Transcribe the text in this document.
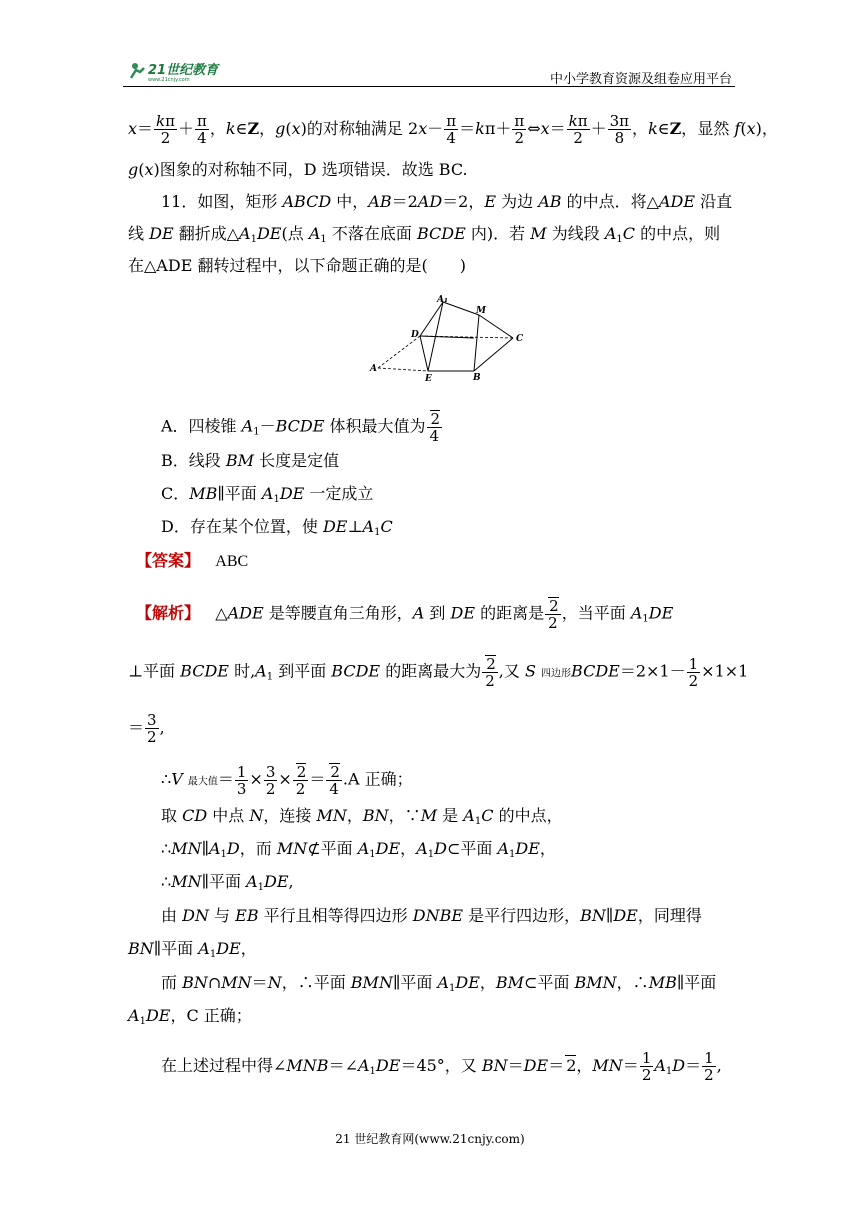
21世纪教育
www.21cnjy.com	中小学教育资源及组卷应用平台
$x= \frac{k\pi}{2} + \frac{\pi}{4}$ ，k∈Z，g(x)的对称轴满足 $2x- \frac{\pi}{4} =k\pi+ \frac{\pi}{2}$ ⇔x＝ $\frac{k\pi}{2} + \frac{3\pi}{8}$ ，k∈Z，显然 f(x)，
g(x)图象的对称轴不同，D 选项错误．故选 BC.
11．如图，矩形 ABCD 中，AB＝2AD＝2，E 为边 AB 的中点．将△ADE 沿直
线 DE 翻折成$\triangle A_1DE$(点 $A_1$ 不落在底面 BCDE 内)．若 M 为线段 $A_1C$ 的中点，则
在△ADE 翻转过程中，以下命题正确的是(　　)
A₁
M
D	C
A
E	B
A．四棱锥 $A_1-BCDE$ 体积最大值为 $\frac{2}{4}$
B．线段 BM 长度是定值
C．MB∥平面 $A_1DE$ 一定成立
D．存在某个位置，使 $DE\perp A_1C$
【答案】 ABC
【解析】 △ADE 是等腰直角三角形，A 到 DE 的距离是 $\frac{2}{2}$ ，当平面 $A_1DE$
⊥平面 BCDE 时$,A_1$ 到平面 BCDE 的距离最大为 $\frac{2}{2}$ ,又 S 四边形BCDE＝2×1－ $\frac{1}{2} \times 1\times 1$
＝ $\frac{3}{2}$ ,
∴V 最大值＝ $\frac{1}{3} \times \frac{3}{2} \times \frac{2}{2} = \frac{2}{4} .A$ 正确；
取 CD 中点 N，连接 MN，BN，∵M 是 $A_1C$ 的中点，
$\therefore MN\parallel A_1D$，而 MN⊄平面 $A_1DE$，$A_1D\subset$平面 $A_1DE$，
∴MN∥平面 $A_1DE$,
由 DN 与 EB 平行且相等得四边形 DNBE 是平行四边形，BN∥DE，同理得
BN∥平面 $A_1DE$，
而 BN∩MN＝N，∴平面 BMN∥平面 $A_1DE$，BM⊂平面 BMN，∴MB∥平面
$A_1DE$，C 正确；
在上述过程中得$\angle MNB=\angle A_1DE=45^\circ$，又 BN＝DE＝ 2，$MN= \frac{1}{2} A_1D= \frac{1}{2}$ ,
21 世纪教育网(www.21cnjy.com)
